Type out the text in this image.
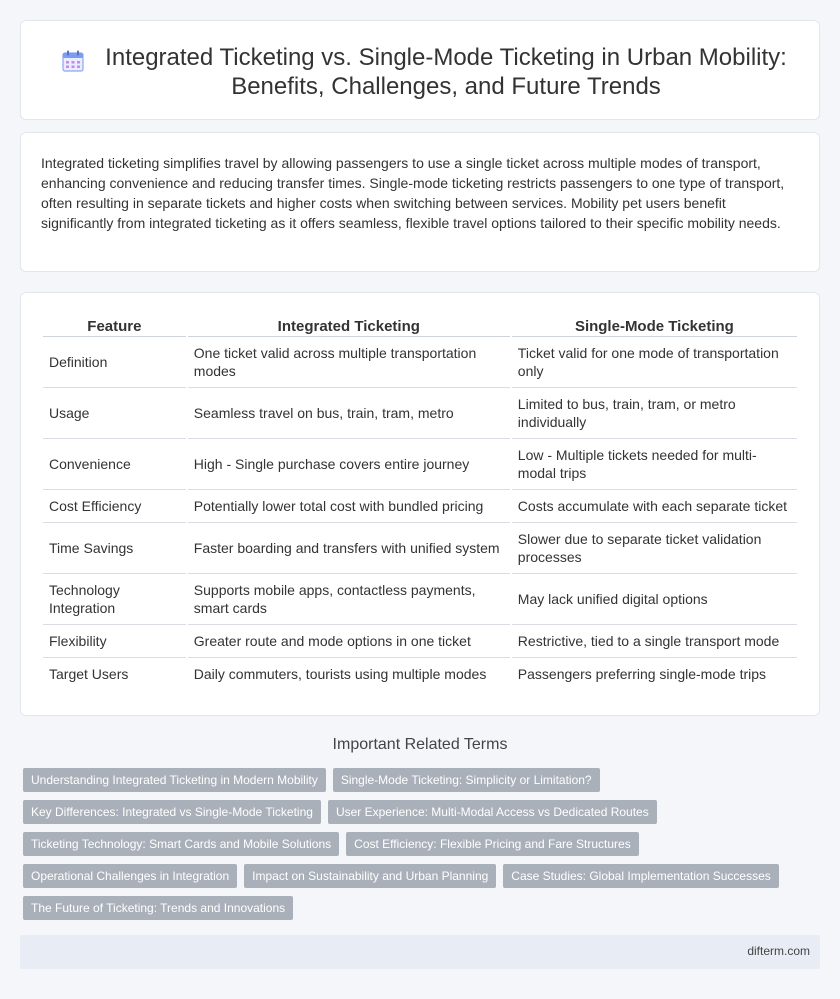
Integrated Ticketing vs. Single-Mode Ticketing in Urban Mobility: Benefits, Challenges, and Future Trends

Integrated ticketing simplifies travel by allowing passengers to use a single ticket across multiple modes of transport, enhancing convenience and reducing transfer times. Single-mode ticketing restricts passengers to one type of transport, often resulting in separate tickets and higher costs when switching between services. Mobility pet users benefit significantly from integrated ticketing as it offers seamless, flexible travel options tailored to their specific mobility needs.

Feature	Integrated Ticketing	Single-Mode Ticketing
Definition	One ticket valid across multiple transportation modes	Ticket valid for one mode of transportation only
Usage	Seamless travel on bus, train, tram, metro	Limited to bus, train, tram, or metro individually
Convenience	High - Single purchase covers entire journey	Low - Multiple tickets needed for multi-modal trips
Cost Efficiency	Potentially lower total cost with bundled pricing	Costs accumulate with each separate ticket
Time Savings	Faster boarding and transfers with unified system	Slower due to separate ticket validation processes
Technology Integration	Supports mobile apps, contactless payments, smart cards	May lack unified digital options
Flexibility	Greater route and mode options in one ticket	Restrictive, tied to a single transport mode
Target Users	Daily commuters, tourists using multiple modes	Passengers preferring single-mode trips
Important Related Terms
Understanding Integrated Ticketing in Modern Mobility	Single-Mode Ticketing: Simplicity or Limitation?
Key Differences: Integrated vs Single-Mode Ticketing	User Experience: Multi-Modal Access vs Dedicated Routes
Ticketing Technology: Smart Cards and Mobile Solutions	Cost Efficiency: Flexible Pricing and Fare Structures
Operational Challenges in Integration	Impact on Sustainability and Urban Planning	Case Studies: Global Implementation Successes
The Future of Ticketing: Trends and Innovations
difterm.com
